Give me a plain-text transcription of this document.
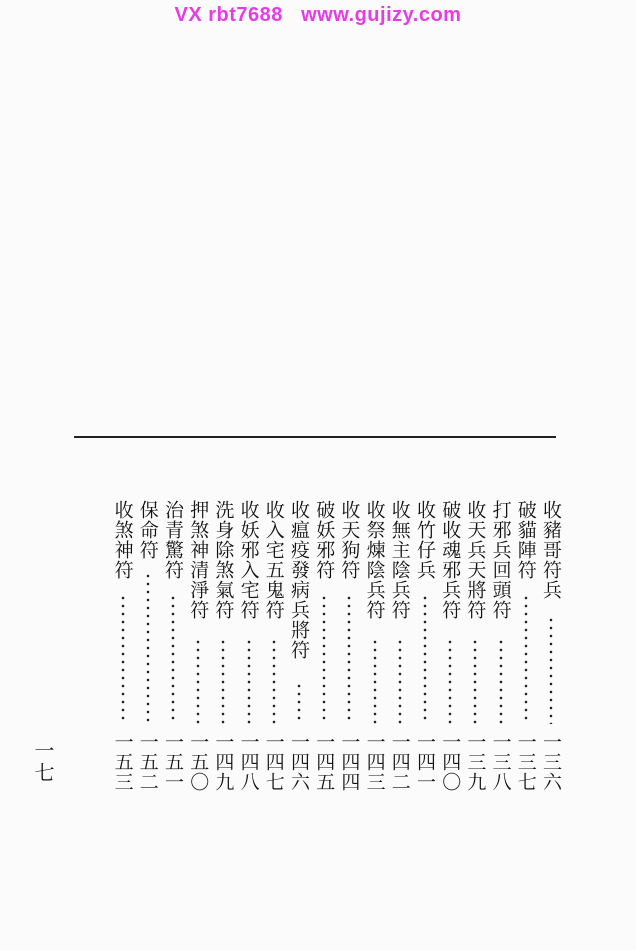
VX rbt7688   www.gujizy.com
收豬哥符兵
一三六
破貓陣符
一三七
打邪兵回頭符
一三八
收天兵天將符
一三九
破收魂邪兵符
一四〇
收竹仔兵
一四一
收無主陰兵符
一四二
收祭煉陰兵符
一四三
收天狗符
一四四
破妖邪符
一四五
收瘟疫發病兵將符
一四六
收入宅五鬼符
一四七
收妖邪入宅符
一四八
洗身除煞氣符
一四九
押煞神清淨符
一五〇
治青驚符
一五一
保命符
一五二
收煞神符
一五三
一七
